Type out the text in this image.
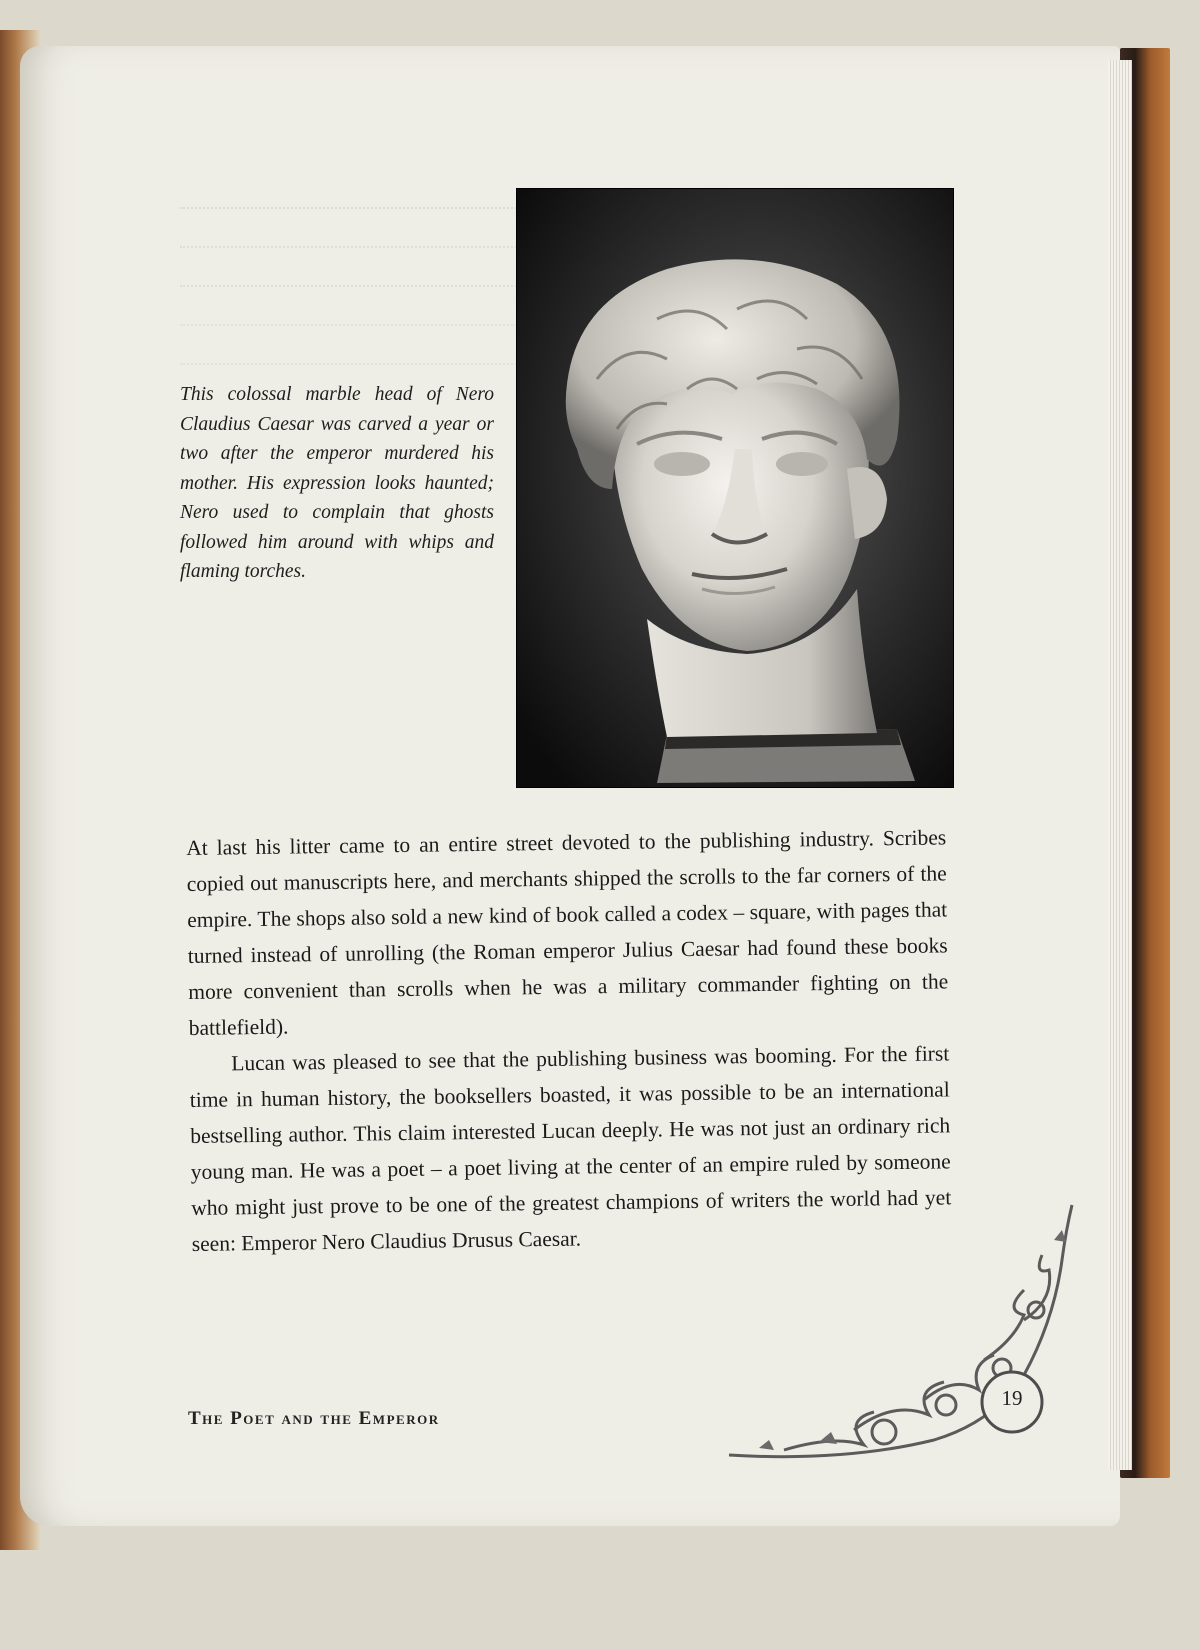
This colossal marble head of Nero Claudius Caesar was carved a year or two after the emperor murdered his mother. His expression looks haunted; Nero used to complain that ghosts followed him around with whips and flaming torches.

At last his litter came to an entire street devoted to the publishing industry. Scribes copied out manuscripts here, and merchants shipped the scrolls to the far corners of the empire. The shops also sold a new kind of book called a codex – square, with pages that turned instead of unrolling (the Roman emperor Julius Caesar had found these books more convenient than scrolls when he was a military commander fighting on the battlefield).

Lucan was pleased to see that the publishing business was booming. For the first time in human history, the booksellers boasted, it was possible to be an international bestselling author. This claim interested Lucan deeply. He was not just an ordinary rich young man. He was a poet – a poet living at the center of an empire ruled by someone who might just prove to be one of the greatest champions of writers the world had yet seen: Emperor Nero Claudius Drusus Caesar.

The Poet and the Emperor
19
